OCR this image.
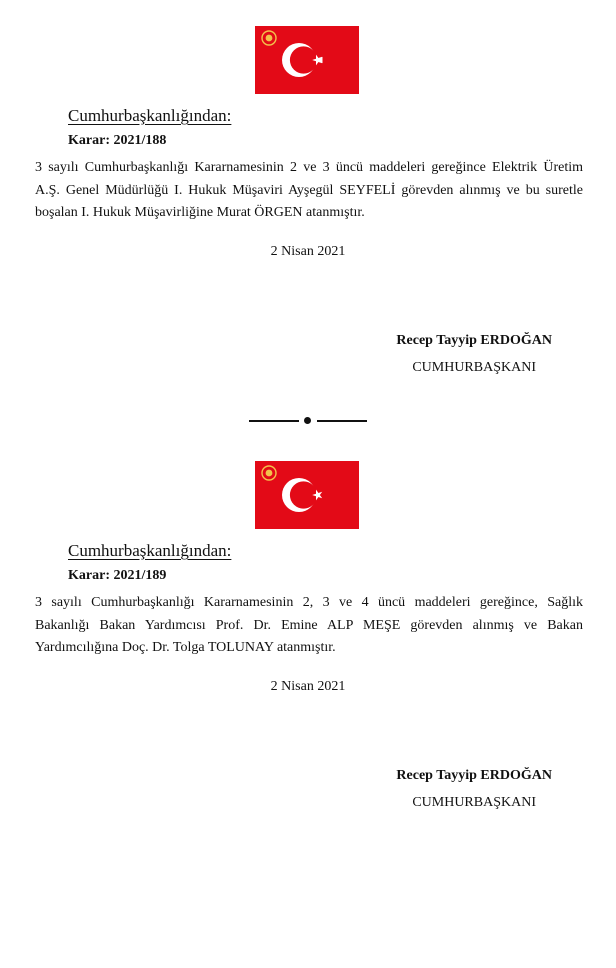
Cumhurbaşkanlığından:
Karar: 2021/188
3 sayılı Cumhurbaşkanlığı Kararnamesinin 2 ve 3 üncü maddeleri gereğince Elektrik Üretim
A.Ş. Genel Müdürlüğü I. Hukuk Müşaviri Ayşegül SEYFELİ görevden alınmış ve bu suretle
boşalan I. Hukuk Müşavirliğine Murat ÖRGEN atanmıştır.
2 Nisan 2021
Recep Tayyip ERDOĞAN
CUMHURBAŞKANI
Cumhurbaşkanlığından:
Karar: 2021/189
3 sayılı Cumhurbaşkanlığı Kararnamesinin 2, 3 ve 4 üncü maddeleri gereğince, Sağlık
Bakanlığı Bakan Yardımcısı Prof. Dr. Emine ALP MEŞE görevden alınmış ve Bakan
Yardımcılığına Doç. Dr. Tolga TOLUNAY atanmıştır.
2 Nisan 2021
Recep Tayyip ERDOĞAN
CUMHURBAŞKANI
